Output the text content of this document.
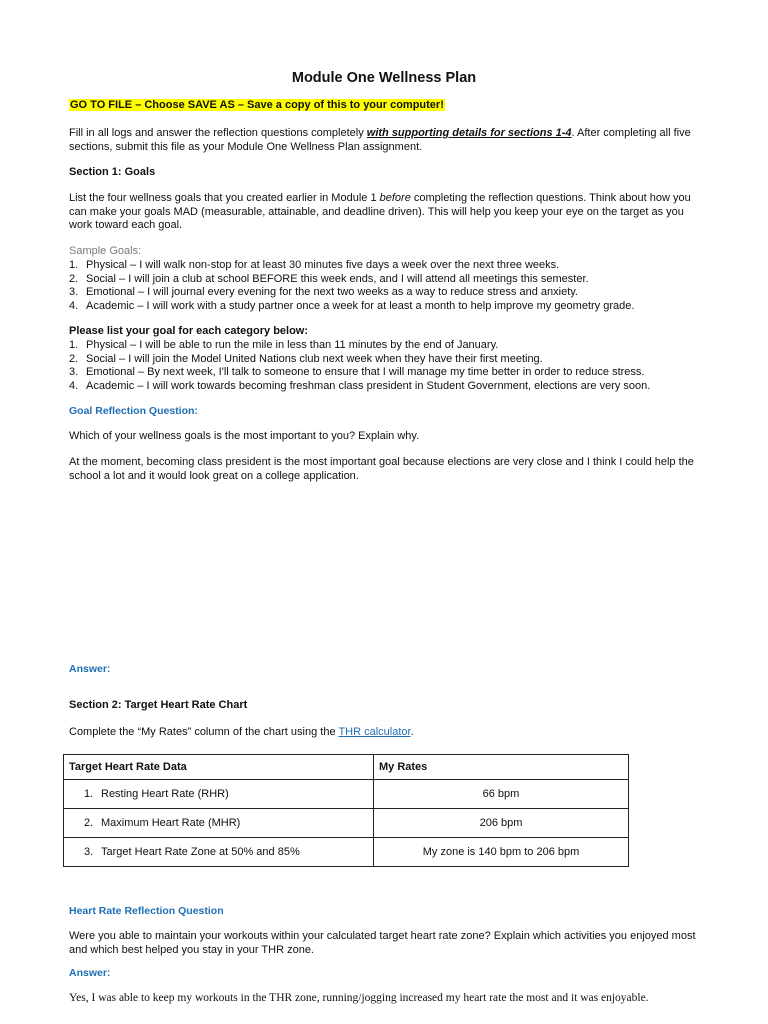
Module One Wellness Plan
GO TO FILE – Choose SAVE AS – Save a copy of this to your computer!
Fill in all logs and answer the reflection questions completely with supporting details for sections 1-4. After completing all five sections, submit this file as your Module One Wellness Plan assignment.
Section 1: Goals
List the four wellness goals that you created earlier in Module 1 before completing the reflection questions. Think about how you can make your goals MAD (measurable, attainable, and deadline driven). This will help you keep your eye on the target as you work toward each goal.
Sample Goals:
1. Physical – I will walk non-stop for at least 30 minutes five days a week over the next three weeks.
2. Social – I will join a club at school BEFORE this week ends, and I will attend all meetings this semester.
3. Emotional – I will journal every evening for the next two weeks as a way to reduce stress and anxiety.
4. Academic – I will work with a study partner once a week for at least a month to help improve my geometry grade.
Please list your goal for each category below:
1. Physical – I will be able to run the mile in less than 11 minutes by the end of January.
2. Social – I will join the Model United Nations club next week when they have their first meeting.
3. Emotional – By next week, I'll talk to someone to ensure that I will manage my time better in order to reduce stress.
4. Academic – I will work towards becoming freshman class president in Student Government, elections are very soon.
Goal Reflection Question:
Which of your wellness goals is the most important to you? Explain why.
At the moment, becoming class president is the most important goal because elections are very close and I think I could help the school a lot and it would look great on a college application.
Answer:
Section 2: Target Heart Rate Chart
Complete the “My Rates” column of the chart using the THR calculator.
Target Heart Rate Data	My Rates
1. Resting Heart Rate (RHR)	66 bpm
2. Maximum Heart Rate (MHR)	206 bpm
3. Target Heart Rate Zone at 50% and 85%	My zone is 140 bpm to 206 bpm
Heart Rate Reflection Question
Were you able to maintain your workouts within your calculated target heart rate zone? Explain which activities you enjoyed most and which best helped you stay in your THR zone.
Answer:
Yes, I was able to keep my workouts in the THR zone, running/jogging increased my heart rate the most and it was enjoyable.
